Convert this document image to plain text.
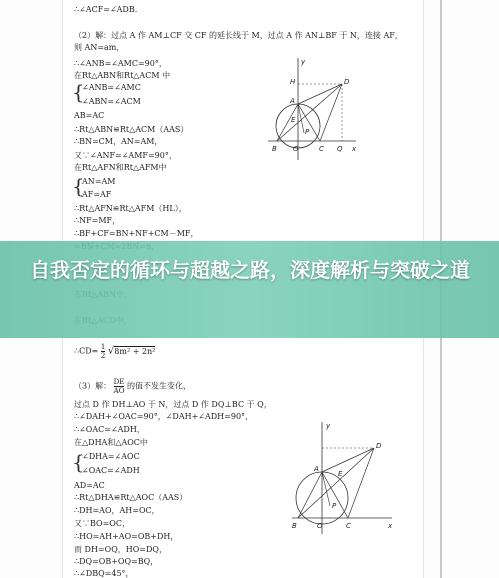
∴∠ACF=∠ADB.
（2）解：过点 A 作 AM⊥CF 交 CF 的延长线于 M，过点 A 作 AN⊥BF 于 N，连接 AF，
则 AN=am，
∴∠ANB=∠AMC=90°，
在Rt△ABN和Rt△ACM 中
{
∠ANB=∠AMC
∠ABN=∠ACM
AB=AC
∴Rt△ABN≌Rt△ACM（AAS）
∴BN=CM，AN=AM，
又∵∠ANF=∠AMF=90°，
在Rt△AFN和Rt△AFM中
{
AN=AM
AF=AF
∴Rt△AFN≌Rt△AFM（HL），
∴NF=MF，
∴BF+CF=BN+NF+CM－MF，
∴CD= $\frac{1}{2} √8m^2 + 2n^2$
（3）解： $\frac{DE}{AO}$ 的值不发生变化，
过点 D 作 DH⊥AO 于 N，过点 D 作 DQ⊥BC 于 Q，
∴∠DAH+∠OAC=90°，∠DAH+∠ADH=90°，
∴∠OAC=∠ADH，
在△DHA和△AOC中
{
∠DHA=∠AOC
∠OAC=∠ADH
AD=AC
∴Rt△DHA≌Rt△AOC（AAS）
∴DH=AO，AH=OC，
又∵BO=OC，
∴HO=AH+AO=OB+DH，
而 DH=OQ，HO=DQ，
∴DQ=OB+OQ=BQ，
∴∠DBQ=45°，
H
A
D
E
P
B O	C Q x
y
y
D
A
E
P
B	O	C	x
自我否定的循环与超越之路，深度解析与突破之道
